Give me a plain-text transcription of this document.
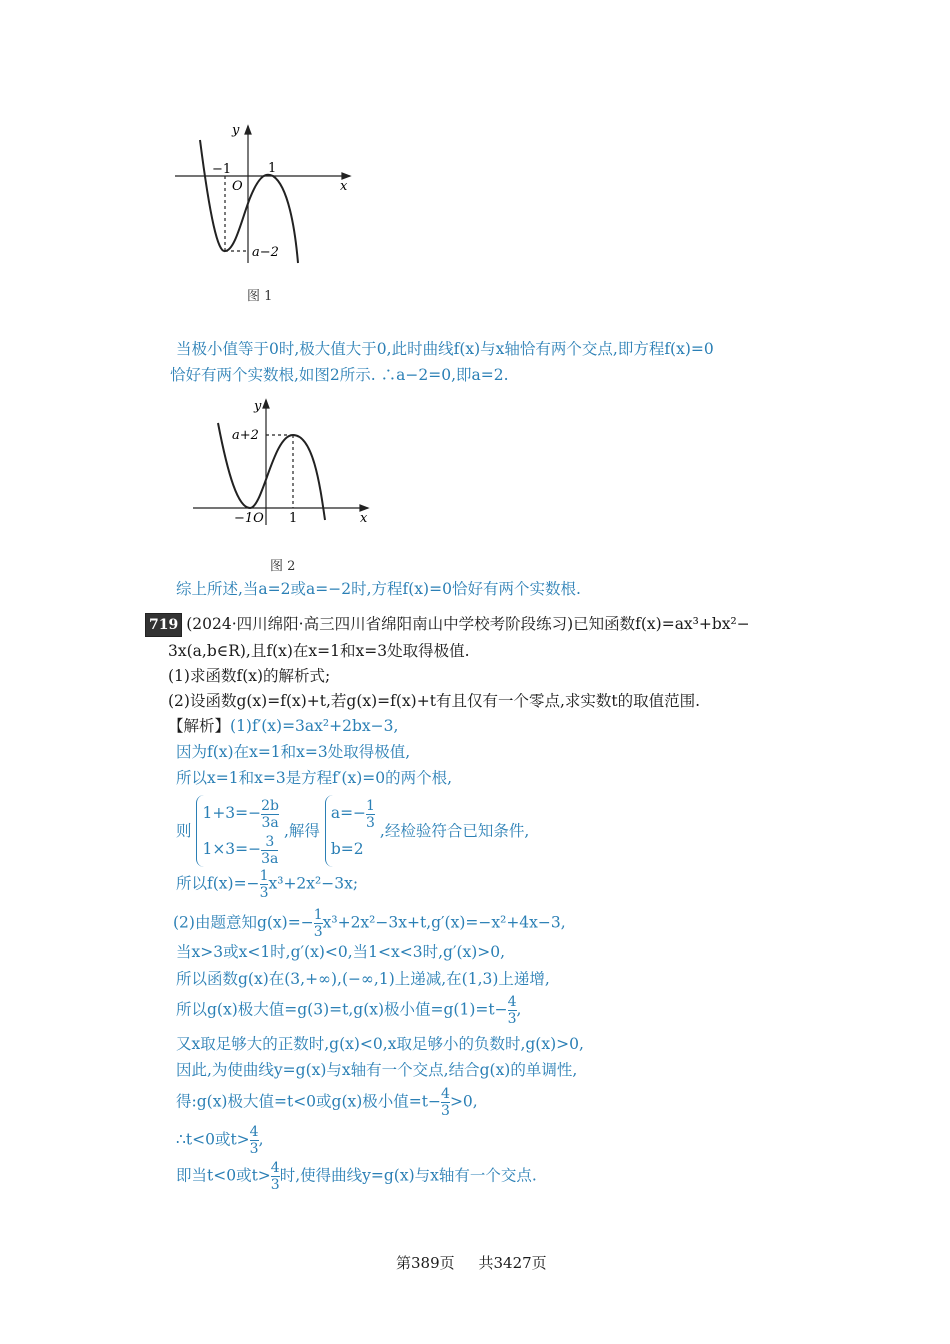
y
x
O
−1	1
a−2
图 1
当极小值等于0时,极大值大于0,此时曲线f(x)与x轴恰有两个交点,即方程f(x)=0
恰好有两个实数根,如图2所示. ∴a−2=0,即a=2.
y
x
−1O 1
a+2
图 2
综上所述,当a=2或a=−2时,方程f(x)=0恰好有两个实数根.
719 (2024·四川绵阳·高三四川省绵阳南山中学校考阶段练习)已知函数f(x)=ax³+bx²−
3x(a,b∈R),且f(x)在x=1和x=3处取得极值.
(1)求函数f(x)的解析式;
(2)设函数g(x)=f(x)+t,若g(x)=f(x)+t有且仅有一个零点,求实数t的取值范围.
【解析】(1)f′(x)=3ax²+2bx−3,
因为f(x)在x=1和x=3处取得极值,
所以x=1和x=3是方程f′(x)=0的两个根,
则
$1+3=- \frac{2b}{3a}$
$1\times 3=- \frac{3}{3a}$
,解得
$a=- \frac{1}{3}$
b=2
,经检验符合已知条件,
所以$f(x)=- \frac{1}{3} x^3+2x^2-3x$;
(2)由题意知$g(x)=- \frac{1}{3} x^3+2x^2-3x+t,g'(x)=-x^2+4x-3$,
当x>3或x<1时,g′(x)<0,当1<x<3时,g′(x)>0,
所以函数g(x)在(3,+∞),(−∞,1)上递减,在(1,3)上递增,
所以g(x)极大值=g(3)=t,g(x)极小值$=g(1)=t- \frac{4}{3}$ ,
又x取足够大的正数时,g(x)<0,x取足够小的负数时,g(x)>0,
因此,为使曲线y=g(x)与x轴有一个交点,结合g(x)的单调性,
得:g(x)极大值=t<0或g(x)极小值$=t- \frac{4}{3} >0$,
∴t<0或$t> \frac{4}{3}$ ,
即当t<0或$t> \frac{4}{3}$ 时,使得曲线y=g(x)与x轴有一个交点.
第389页 共3427页
